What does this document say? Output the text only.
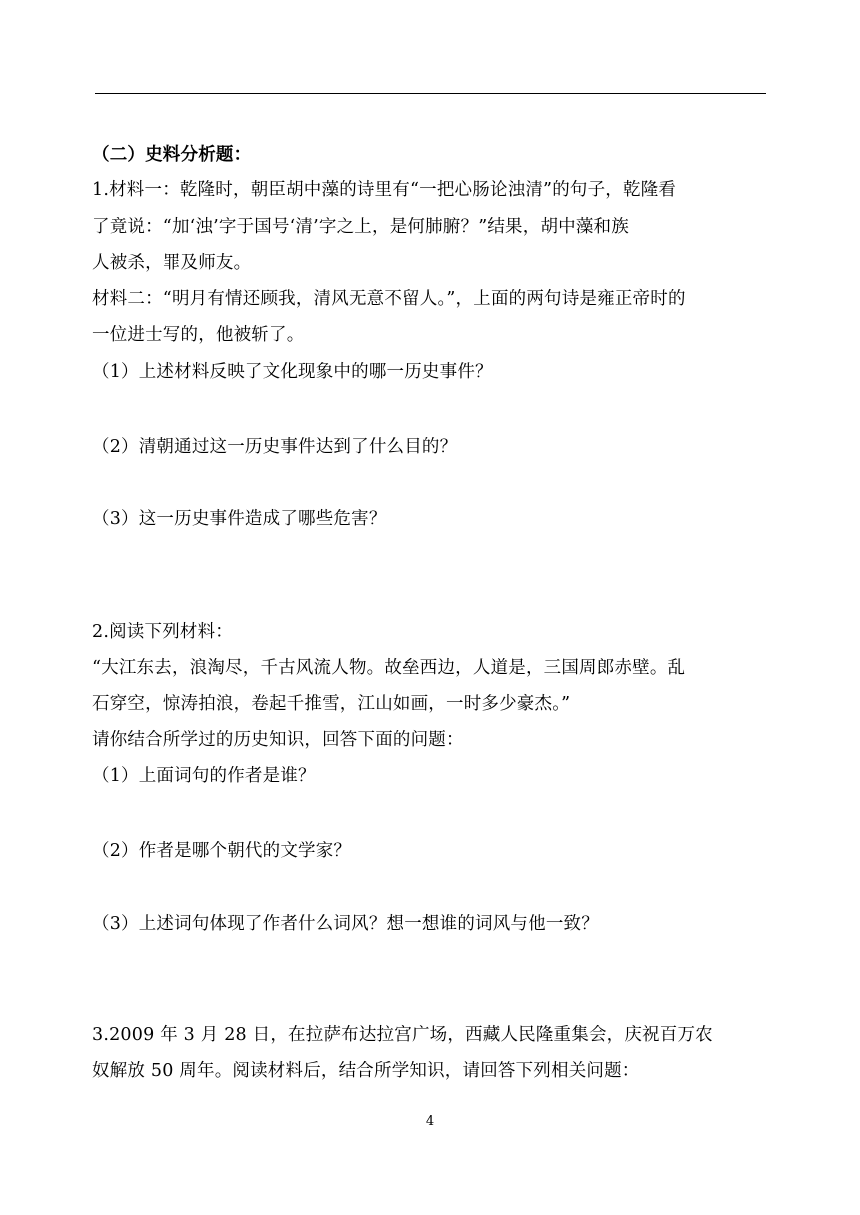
（二）史料分析题：
1.材料一：乾隆时，朝臣胡中藻的诗里有“一把心肠论浊清”的句子，乾隆看
了竟说：“加‘浊’字于国号‘清’字之上，是何肺腑？”结果，胡中藻和族
人被杀，罪及师友。
材料二：“明月有情还顾我，清风无意不留人。”，上面的两句诗是雍正帝时的
一位进士写的，他被斩了。
（1）上述材料反映了文化现象中的哪一历史事件？
（2）清朝通过这一历史事件达到了什么目的？
（3）这一历史事件造成了哪些危害？
2.阅读下列材料：
“大江东去，浪淘尽，千古风流人物。故垒西边，人道是，三国周郎赤壁。乱
石穿空，惊涛拍浪，卷起千推雪，江山如画，一时多少豪杰。”
请你结合所学过的历史知识，回答下面的问题：
（1）上面词句的作者是谁？
（2）作者是哪个朝代的文学家？
（3）上述词句体现了作者什么词风？想一想谁的词风与他一致？
3.2009 年 3 月 28 日，在拉萨布达拉宫广场，西藏人民隆重集会，庆祝百万农
奴解放 50 周年。阅读材料后，结合所学知识，请回答下列相关问题：
4
